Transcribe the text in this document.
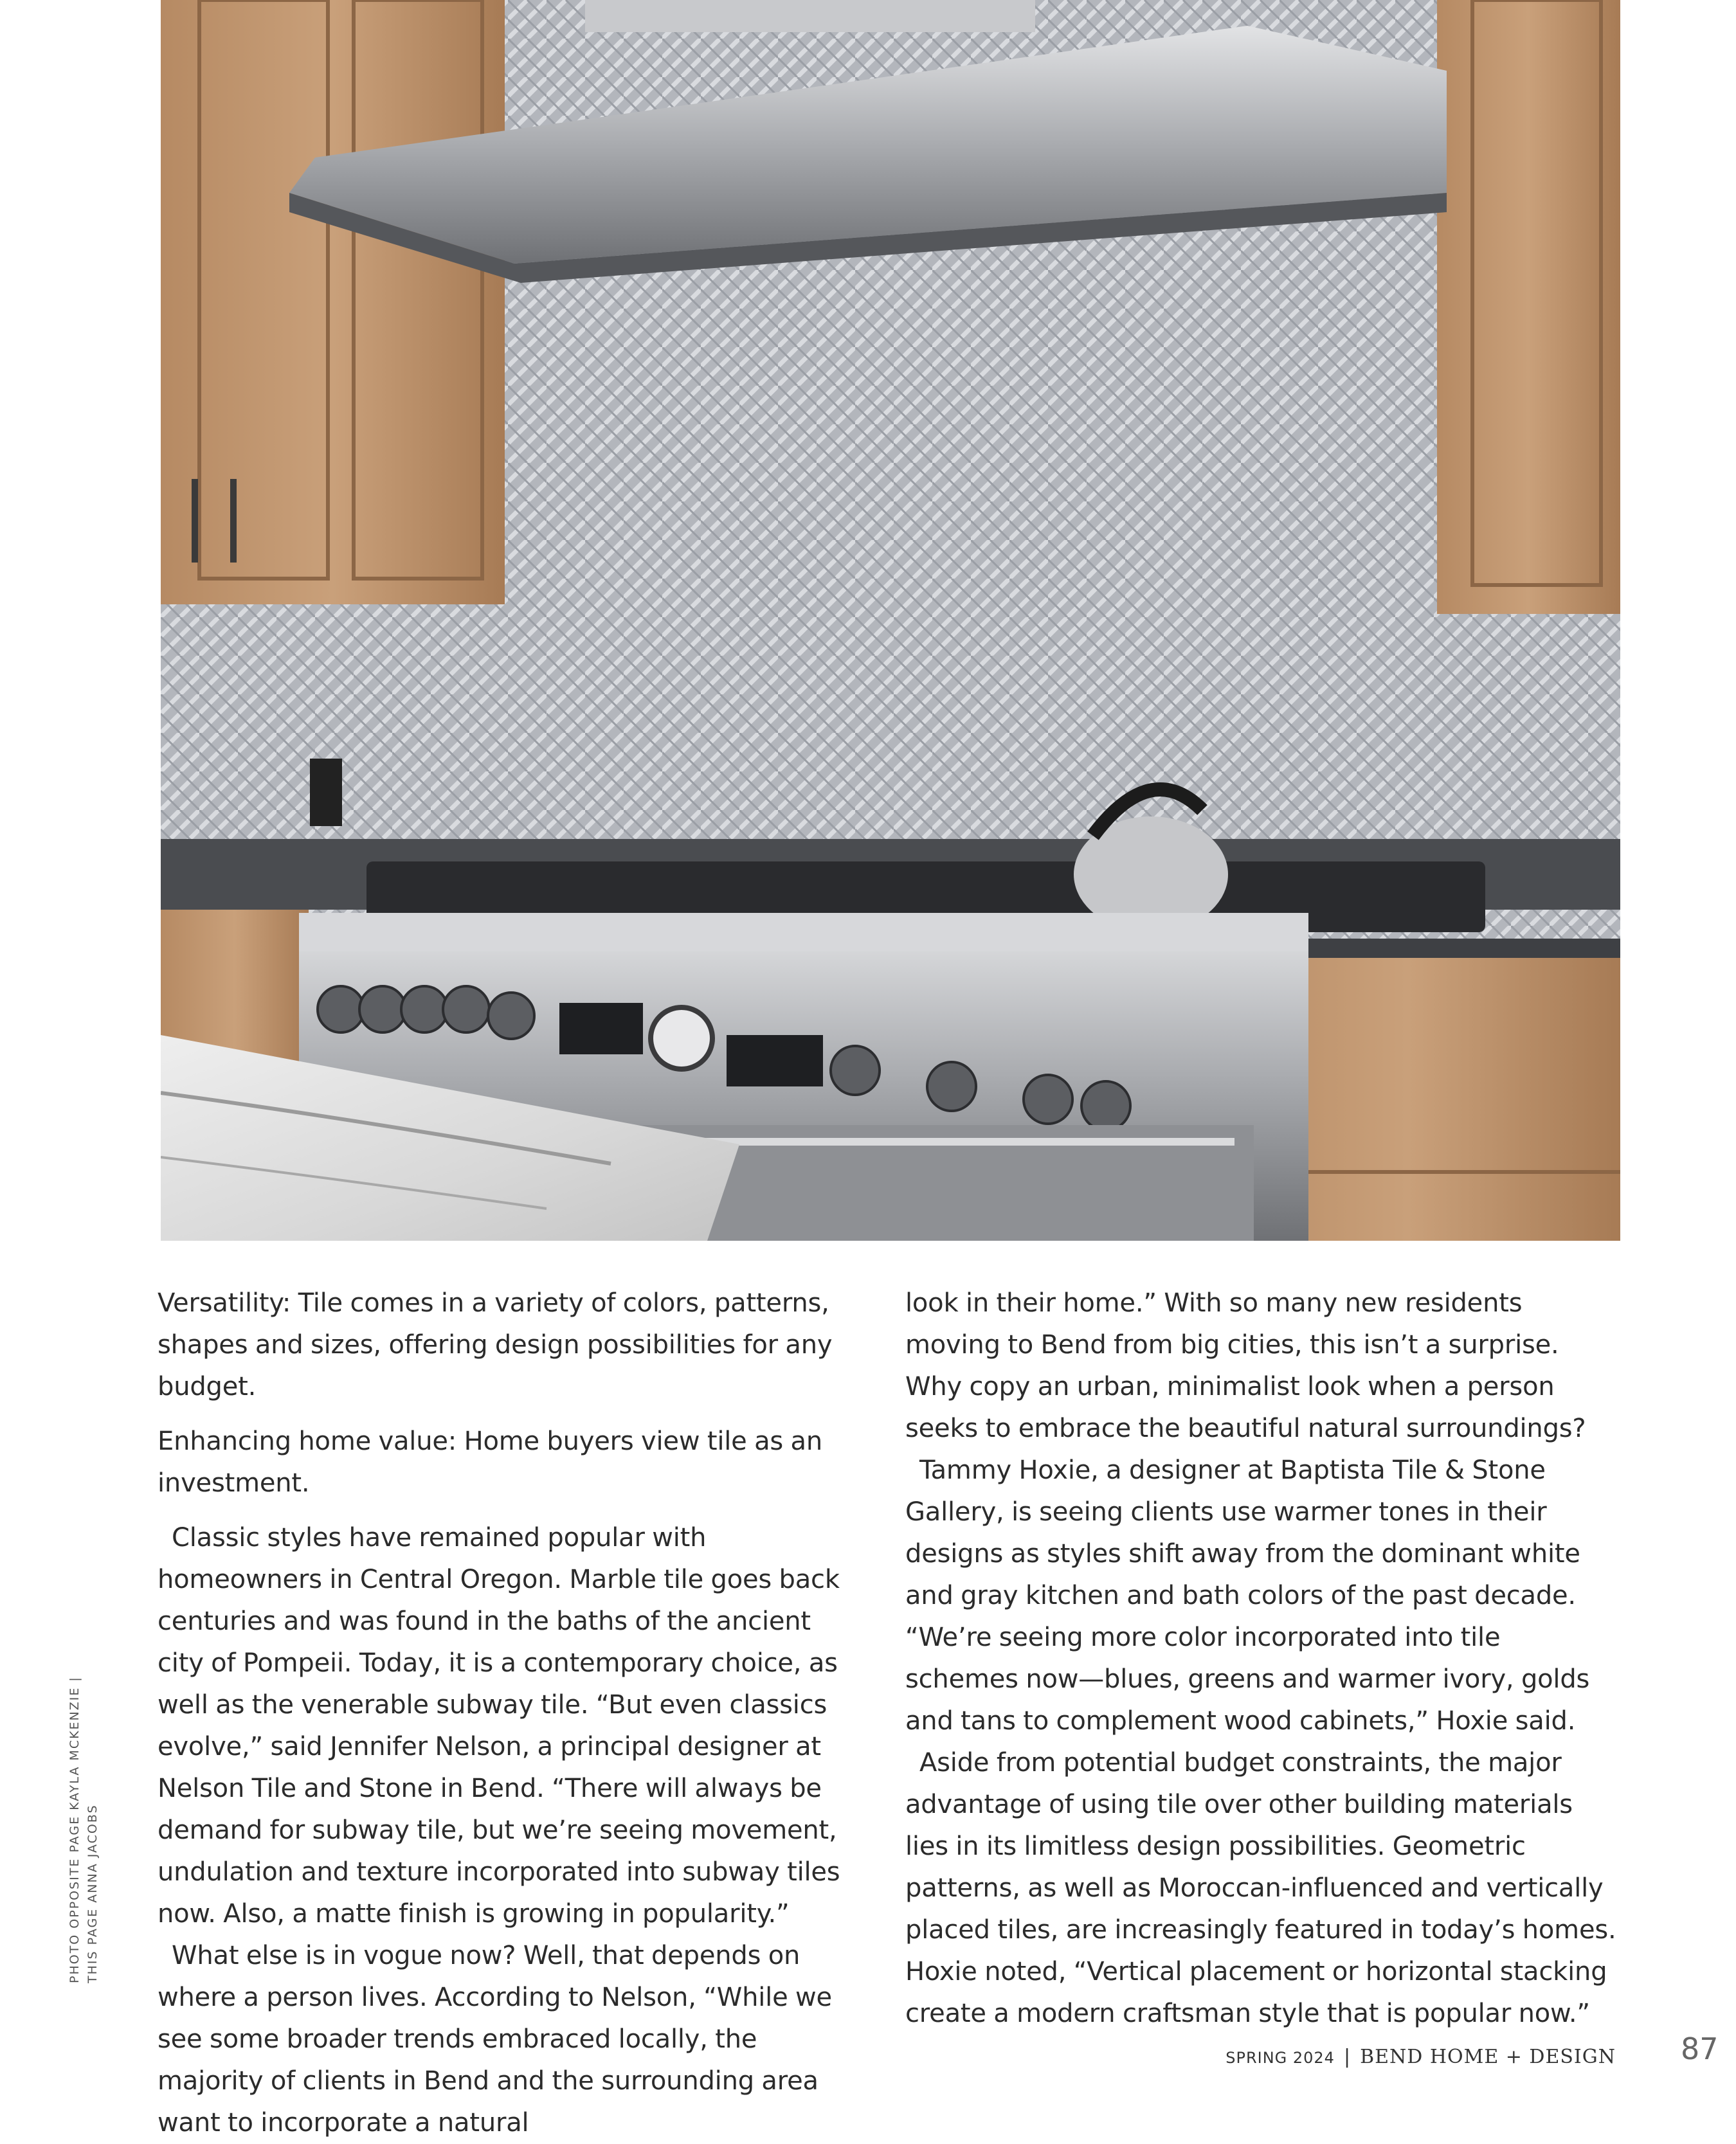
Versatility: Tile comes in a variety of colors, patterns, shapes and sizes, offering design possibilities for any budget.

Enhancing home value: Home buyers view tile as an investment.

Classic styles have remained popular with homeowners in Central Oregon. Marble tile goes back centuries and was found in the baths of the ancient city of Pompeii. Today, it is a contemporary choice, as well as the venerable subway tile. “But even classics evolve,” said Jennifer Nelson, a principal designer at Nelson Tile and Stone in Bend. “There will always be demand for subway tile, but we’re seeing movement, undulation and texture incorporated into subway tiles now. Also, a matte finish is growing in popularity.”

What else is in vogue now? Well, that depends on where a person lives. According to Nelson, “While we see some broader trends embraced locally, the majority of clients in Bend and the surrounding area want to incorporate a natural

look in their home.” With so many new residents moving to Bend from big cities, this isn’t a surprise. Why copy an urban, minimalist look when a person seeks to embrace the beautiful natural surroundings?

Tammy Hoxie, a designer at Baptista Tile & Stone Gallery, is seeing clients use warmer tones in their designs as styles shift away from the dominant white and gray kitchen and bath colors of the past decade. “We’re seeing more color incorporated into tile schemes now—blues, greens and warmer ivory, golds and tans to complement wood cabinets,” Hoxie said.

Aside from potential budget constraints, the major advantage of using tile over other building materials lies in its limitless design possibilities. Geometric patterns, as well as Moroccan-influenced and vertically placed tiles, are increasingly featured in today’s homes. Hoxie noted, “Vertical placement or horizontal stacking create a modern craftsman style that is popular now.”

PHOTO OPPOSITE PAGE KAYLA MCKENZIE | THIS PAGE ANNA JACOBS
SPRING 2024 | BEND HOME + DESIGN 87
